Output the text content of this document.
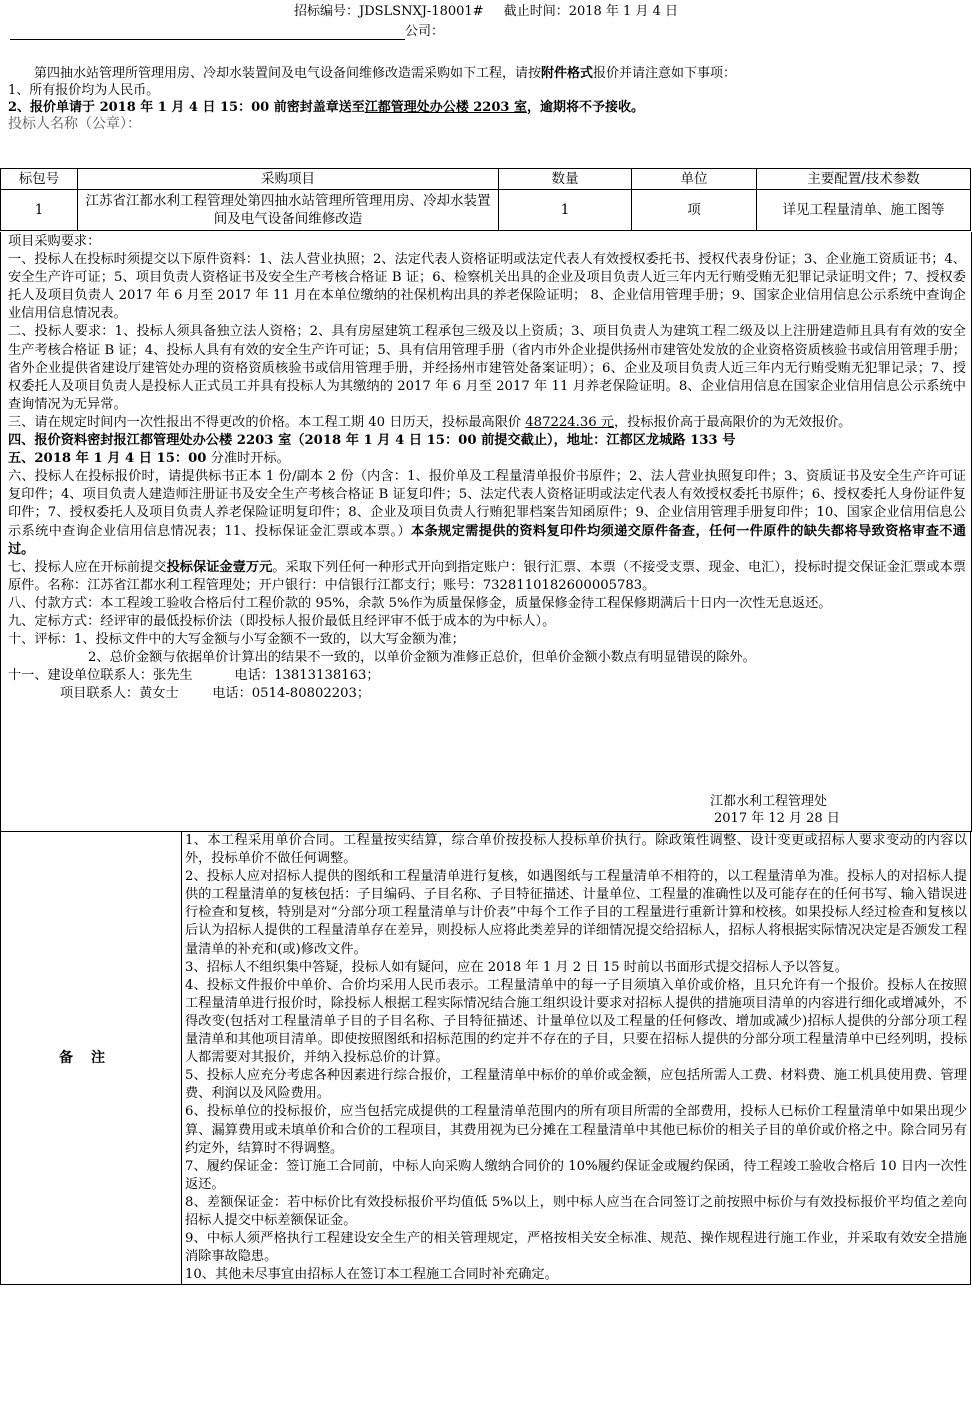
招标编号：JDSLSNXJ-18001# 截止时间：2018 年 1 月 4 日
公司：

第四抽水站管理所管理用房、冷却水装置间及电气设备间维修改造需采购如下工程，请按附件格式报价并请注意如下事项：

1、所有报价均为人民币。

2、报价单请于 2018 年 1 月 4 日 15：00 前密封盖章送至江都管理处办公楼 2203 室，逾期将不予接收。

投标人名称（公章）：

标包号	采购项目	数量	单位	主要配置/技术参数
1	江苏省江都水利工程管理处第四抽水站管理所管理用房、冷却水装置间及电气设备间维修改造	1	项	详见工程量清单、施工图等

项目采购要求：

一、投标人在投标时须提交以下原件资料：1、法人营业执照；2、法定代表人资格证明或法定代表人有效授权委托书、授权代表身份证；3、企业施工资质证书；4、安全生产许可证；5、项目负责人资格证书及安全生产考核合格证 B 证；6、检察机关出具的企业及项目负责人近三年内无行贿受贿无犯罪记录证明文件；7、授权委托人及项目负责人 2017 年 6 月至 2017 年 11 月在本单位缴纳的社保机构出具的养老保险证明； 8、企业信用管理手册；9、国家企业信用信息公示系统中查询企业信用信息情况表。

二、投标人要求：1、投标人须具备独立法人资格；2、具有房屋建筑工程承包三级及以上资质；3、项目负责人为建筑工程二级及以上注册建造师且具有有效的安全生产考核合格证 B 证；4、投标人具有有效的安全生产许可证；5、具有信用管理手册（省内市外企业提供扬州市建管处发放的企业资格资质核验书或信用管理手册；省外企业提供省建设厅建管处办理的资格资质核验书或信用管理手册，并经扬州市建管处备案证明）；6、企业及项目负责人近三年内无行贿受贿无犯罪记录；7、授权委托人及项目负责人是投标人正式员工并具有投标人为其缴纳的 2017 年 6 月至 2017 年 11 月养老保险证明。8、企业信用信息在国家企业信用信息公示系统中查询情况为无异常。

三、请在规定时间内一次性报出不得更改的价格。本工程工期 40 日历天，投标最高限价 487224.36 元，投标报价高于最高限价的为无效报价。

四、报价资料密封报江都管理处办公楼 2203 室（2018 年 1 月 4 日 15：00 前提交截止），地址：江都区龙城路 133 号

五、2018 年 1 月 4 日 15：00 分准时开标。

六、投标人在投标报价时，请提供标书正本 1 份/副本 2 份（内含：1、报价单及工程量清单报价书原件；2、法人营业执照复印件；3、资质证书及安全生产许可证复印件；4、项目负责人建造师注册证书及安全生产考核合格证 B 证复印件；5、法定代表人资格证明或法定代表人有效授权委托书原件；6、授权委托人身份证件复印件；7、授权委托人及项目负责人养老保险证明复印件；8、企业及项目负责人行贿犯罪档案告知函原件；9、企业信用管理手册复印件；10、国家企业信用信息公示系统中查询企业信用信息情况表；11、投标保证金汇票或本票。）本条规定需提供的资料复印件均须递交原件备查，任何一件原件的缺失都将导致资格审查不通过。

七、投标人应在开标前提交投标保证金壹万元。采取下列任何一种形式开向到指定账户：银行汇票、本票（不接受支票、现金、电汇），投标时提交保证金汇票或本票原件。名称：江苏省江都水利工程管理处；开户银行：中信银行江都支行；账号：7328110182600005783。

八、付款方式：本工程竣工验收合格后付工程价款的 95%，余款 5%作为质量保修金，质量保修金待工程保修期满后十日内一次性无息返还。

九、定标方式：经评审的最低投标价法（即投标人报价最低且经评审不低于成本的为中标人）。

十、评标：1、投标文件中的大写金额与小写金额不一致的，以大写金额为准；

2、总价金额与依据单价计算出的结果不一致的，以单价金额为准修正总价，但单价金额小数点有明显错误的除外。

十一、建设单位联系人：张先生          电话：13813138163；

项目联系人：黄女士        电话：0514-80802203；

江都水利工程管理处

2017 年 12 月 28 日

备注	

1、本工程采用单价合同。工程量按实结算，综合单价按投标人投标单价执行。除政策性调整、设计变更或招标人要求变动的内容以外，投标单价不做任何调整。

2、投标人应对招标人提供的图纸和工程量清单进行复核，如遇图纸与工程量清单不相符的，以工程量清单为准。投标人的对招标人提供的工程量清单的复核包括：子目编码、子目名称、子目特征描述、计量单位、工程量的准确性以及可能存在的任何书写、输入错误进行检查和复核，特别是对“分部分项工程量清单与计价表”中每个工作子目的工程量进行重新计算和校核。如果投标人经过检查和复核以后认为招标人提供的工程量清单存在差异，则投标人应将此类差异的详细情况提交给招标人，招标人将根据实际情况决定是否颁发工程量清单的补充和(或)修改文件。

3、招标人不组织集中答疑，投标人如有疑问，应在 2018 年 1 月 2 日 15 时前以书面形式提交招标人予以答复。

4、投标文件报价中单价、合价均采用人民币表示。工程量清单中的每一子目须填入单价或价格，且只允许有一个报价。投标人在按照工程量清单进行报价时，除投标人根据工程实际情况结合施工组织设计要求对招标人提供的措施项目清单的内容进行细化或增减外，不得改变(包括对工程量清单子目的子目名称、子目特征描述、计量单位以及工程量的任何修改、增加或减少)招标人提供的分部分项工程量清单和其他项目清单。即使按照图纸和招标范围的约定并不存在的子目，只要在招标人提供的分部分项工程量清单中已经列明，投标人都需要对其报价，并纳入投标总价的计算。

5、投标人应充分考虑各种因素进行综合报价，工程量清单中标价的单价或金额，应包括所需人工费、材料费、施工机具使用费、管理费、利润以及风险费用。

6、投标单位的投标报价，应当包括完成提供的工程量清单范围内的所有项目所需的全部费用，投标人已标价工程量清单中如果出现少算、漏算费用或未填单价和合价的工程项目，其费用视为已分摊在工程量清单中其他已标价的相关子目的单价或价格之中。除合同另有约定外，结算时不得调整。

7、履约保证金：签订施工合同前，中标人向采购人缴纳合同价的 10%履约保证金或履约保函，待工程竣工验收合格后 10 日内一次性返还。

8、差额保证金：若中标价比有效投标报价平均值低 5%以上，则中标人应当在合同签订之前按照中标价与有效投标报价平均值之差向招标人提交中标差额保证金。

9、中标人须严格执行工程建设安全生产的相关管理规定，严格按相关安全标准、规范、操作规程进行施工作业，并采取有效安全措施消除事故隐患。

10、其他未尽事宜由招标人在签订本工程施工合同时补充确定。
